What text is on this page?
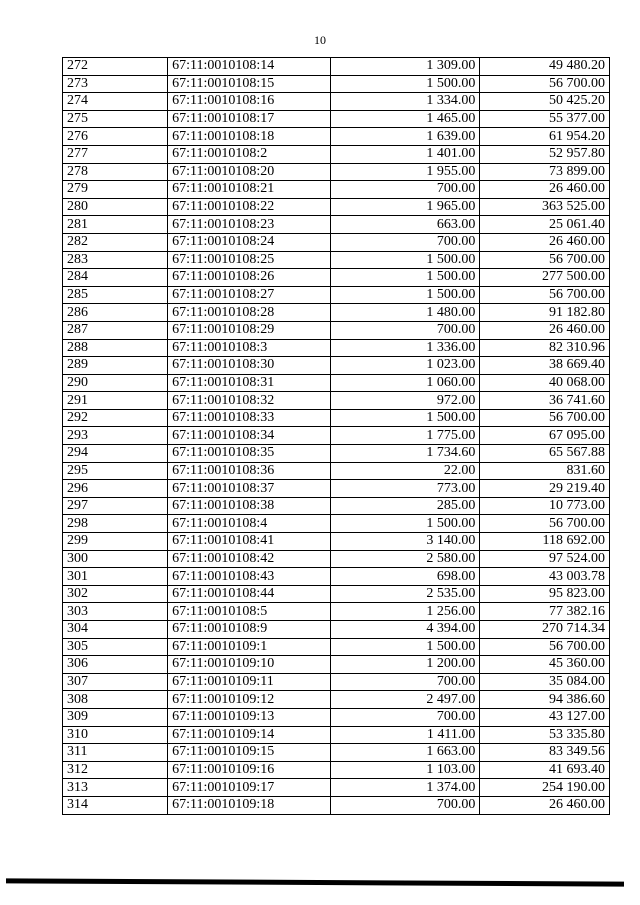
10
272	67:11:0010108:14	1 309.00	49 480.20
273	67:11:0010108:15	1 500.00	56 700.00
274	67:11:0010108:16	1 334.00	50 425.20
275	67:11:0010108:17	1 465.00	55 377.00
276	67:11:0010108:18	1 639.00	61 954.20
277	67:11:0010108:2	1 401.00	52 957.80
278	67:11:0010108:20	1 955.00	73 899.00
279	67:11:0010108:21	700.00	26 460.00
280	67:11:0010108:22	1 965.00	363 525.00
281	67:11:0010108:23	663.00	25 061.40
282	67:11:0010108:24	700.00	26 460.00
283	67:11:0010108:25	1 500.00	56 700.00
284	67:11:0010108:26	1 500.00	277 500.00
285	67:11:0010108:27	1 500.00	56 700.00
286	67:11:0010108:28	1 480.00	91 182.80
287	67:11:0010108:29	700.00	26 460.00
288	67:11:0010108:3	1 336.00	82 310.96
289	67:11:0010108:30	1 023.00	38 669.40
290	67:11:0010108:31	1 060.00	40 068.00
291	67:11:0010108:32	972.00	36 741.60
292	67:11:0010108:33	1 500.00	56 700.00
293	67:11:0010108:34	1 775.00	67 095.00
294	67:11:0010108:35	1 734.60	65 567.88
295	67:11:0010108:36	22.00	831.60
296	67:11:0010108:37	773.00	29 219.40
297	67:11:0010108:38	285.00	10 773.00
298	67:11:0010108:4	1 500.00	56 700.00
299	67:11:0010108:41	3 140.00	118 692.00
300	67:11:0010108:42	2 580.00	97 524.00
301	67:11:0010108:43	698.00	43 003.78
302	67:11:0010108:44	2 535.00	95 823.00
303	67:11:0010108:5	1 256.00	77 382.16
304	67:11:0010108:9	4 394.00	270 714.34
305	67:11:0010109:1	1 500.00	56 700.00
306	67:11:0010109:10	1 200.00	45 360.00
307	67:11:0010109:11	700.00	35 084.00
308	67:11:0010109:12	2 497.00	94 386.60
309	67:11:0010109:13	700.00	43 127.00
310	67:11:0010109:14	1 411.00	53 335.80
311	67:11:0010109:15	1 663.00	83 349.56
312	67:11:0010109:16	1 103.00	41 693.40
313	67:11:0010109:17	1 374.00	254 190.00
314	67:11:0010109:18	700.00	26 460.00
